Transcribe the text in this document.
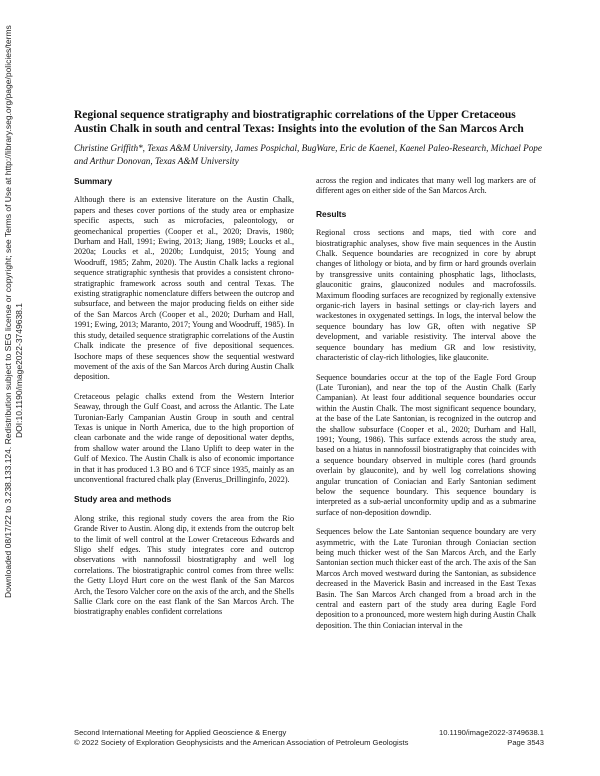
Downloaded 08/17/22 to 3.238.133.124. Redistribution subject to SEG license or copyright; see Terms of Use at http://library.seg.org/page/policies/terms DOI:10.1190/image2022-3749638.1
Regional sequence stratigraphy and biostratigraphic correlations of the Upper Cretaceous Austin Chalk in south and central Texas: Insights into the evolution of the San Marcos Arch
Christine Griffith*, Texas A&M University, James Pospichal, BugWare, Eric de Kaenel, Kaenel Paleo-Research, Michael Pope and Arthur Donovan, Texas A&M University
Summary

Although there is an extensive literature on the Austin Chalk, papers and theses cover portions of the study area or emphasize specific aspects, such as microfacies, paleontology, or geomechanical properties (Cooper et al., 2020; Dravis, 1980; Durham and Hall, 1991; Ewing, 2013; Jiang, 1989; Loucks et al., 2020a; Loucks et al., 2020b; Lundquist, 2015; Young and Woodruff, 1985; Zahm, 2020). The Austin Chalk lacks a regional sequence stratigraphic synthesis that provides a consistent chrono-stratigraphic framework across south and central Texas. The existing stratigraphic nomenclature differs between the outcrop and subsurface, and between the major producing fields on either side of the San Marcos Arch (Cooper et al., 2020; Durham and Hall, 1991; Ewing, 2013; Maranto, 2017; Young and Woodruff, 1985). In this study, detailed sequence stratigraphic correlations of the Austin Chalk indicate the presence of five depositional sequences. Isochore maps of these sequences show the sequential westward movement of the axis of the San Marcos Arch during Austin Chalk deposition.

Cretaceous pelagic chalks extend from the Western Interior Seaway, through the Gulf Coast, and across the Atlantic. The Late Turonian-Early Campanian Austin Group in south and central Texas is unique in North America, due to the high proportion of clean carbonate and the wide range of depositional water depths, from shallow water around the Llano Uplift to deep water in the Gulf of Mexico. The Austin Chalk is also of economic importance in that it has produced 1.3 BO and 6 TCF since 1935, mainly as an unconventional fractured chalk play (Enverus_Drillinginfo, 2022).

Study area and methods

Along strike, this regional study covers the area from the Rio Grande River to Austin. Along dip, it extends from the outcrop belt to the limit of well control at the Lower Cretaceous Edwards and Sligo shelf edges. This study integrates core and outcrop observations with nannofossil biostratigraphy and well log correlations. The biostratigraphic control comes from three wells: the Getty Lloyd Hurt core on the west flank of the San Marcos Arch, the Tesoro Valcher core on the axis of the arch, and the Shells Sallie Clark core on the east flank of the San Marcos Arch. The biostratigraphy enables confident correlations

across the region and indicates that many well log markers are of different ages on either side of the San Marcos Arch.

Results

Regional cross sections and maps, tied with core and biostratigraphic analyses, show five main sequences in the Austin Chalk. Sequence boundaries are recognized in core by abrupt changes of lithology or biota, and by firm or hard grounds overlain by transgressive units containing phosphatic lags, lithoclasts, glauconitic grains, glauconized nodules and macrofossils. Maximum flooding surfaces are recognized by regionally extensive organic-rich layers in basinal settings or clay-rich layers and wackestones in oxygenated settings. In logs, the interval below the sequence boundary has low GR, often with negative SP development, and variable resistivity. The interval above the sequence boundary has medium GR and low resistivity, characteristic of clay-rich lithologies, like glauconite.

Sequence boundaries occur at the top of the Eagle Ford Group (Late Turonian), and near the top of the Austin Chalk (Early Campanian). At least four additional sequence boundaries occur within the Austin Chalk. The most significant sequence boundary, at the base of the Late Santonian, is recognized in the outcrop and the shallow subsurface (Cooper et al., 2020; Durham and Hall, 1991; Young, 1986). This surface extends across the study area, based on a hiatus in nannofossil biostratigraphy that coincides with a sequence boundary observed in multiple cores (hard grounds overlain by glauconite), and by well log correlations showing angular truncation of Coniacian and Early Santonian sediment below the sequence boundary. This sequence boundary is interpreted as a sub-aerial unconformity updip and as a submarine surface of non-deposition downdip.

Sequences below the Late Santonian sequence boundary are very asymmetric, with the Late Turonian through Coniacian section being much thicker west of the San Marcos Arch, and the Early Santonian section much thicker east of the arch. The axis of the San Marcos Arch moved westward during the Santonian, as subsidence decreased in the Maverick Basin and increased in the East Texas Basin. The San Marcos Arch changed from a broad arch in the central and eastern part of the study area during Eagle Ford deposition to a pronounced, more western high during Austin Chalk deposition. The thin Coniacian interval in the

Second International Meeting for Applied Geoscience & Energy	10.1190/image2022-3749638.1
© 2022 Society of Exploration Geophysicists and the American Association of Petroleum Geologists	Page 3543
